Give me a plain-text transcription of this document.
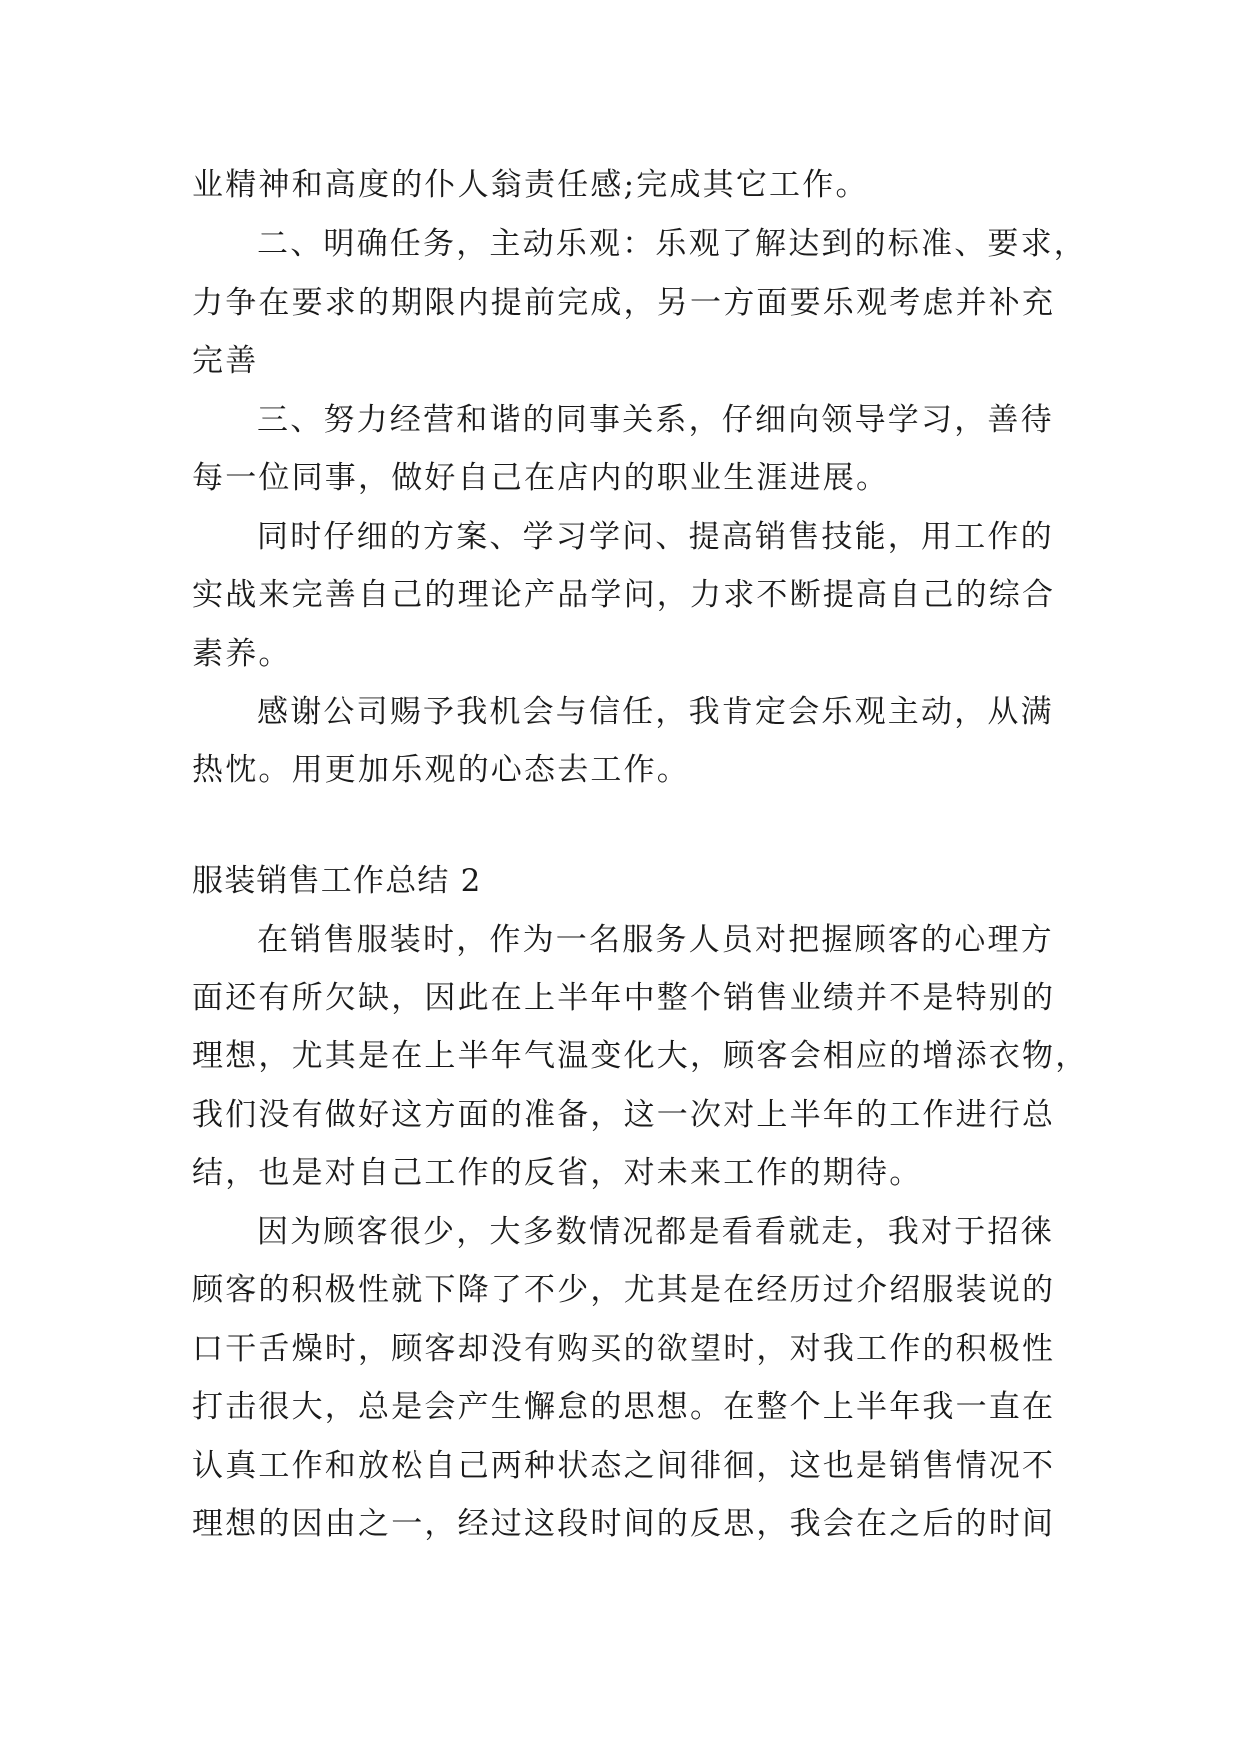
业精神和高度的仆人翁责任感;完成其它工作。

二、明确任务，主动乐观：乐观了解达到的标准、要求，

力争在要求的期限内提前完成，另一方面要乐观考虑并补充

完善

三、努力经营和谐的同事关系，仔细向领导学习，善待

每一位同事，做好自己在店内的职业生涯进展。

同时仔细的方案、学习学问、提高销售技能，用工作的

实战来完善自己的理论产品学问，力求不断提高自己的综合

素养。

感谢公司赐予我机会与信任，我肯定会乐观主动，从满

热忱。用更加乐观的心态去工作。

服装销售工作总结 2

在销售服装时，作为一名服务人员对把握顾客的心理方

面还有所欠缺，因此在上半年中整个销售业绩并不是特别的

理想，尤其是在上半年气温变化大，顾客会相应的增添衣物，

我们没有做好这方面的准备，这一次对上半年的工作进行总

结，也是对自己工作的反省，对未来工作的期待。

因为顾客很少，大多数情况都是看看就走，我对于招徕

顾客的积极性就下降了不少，尤其是在经历过介绍服装说的

口干舌燥时，顾客却没有购买的欲望时，对我工作的积极性

打击很大，总是会产生懈怠的思想。在整个上半年我一直在

认真工作和放松自己两种状态之间徘徊，这也是销售情况不

理想的因由之一，经过这段时间的反思，我会在之后的时间
